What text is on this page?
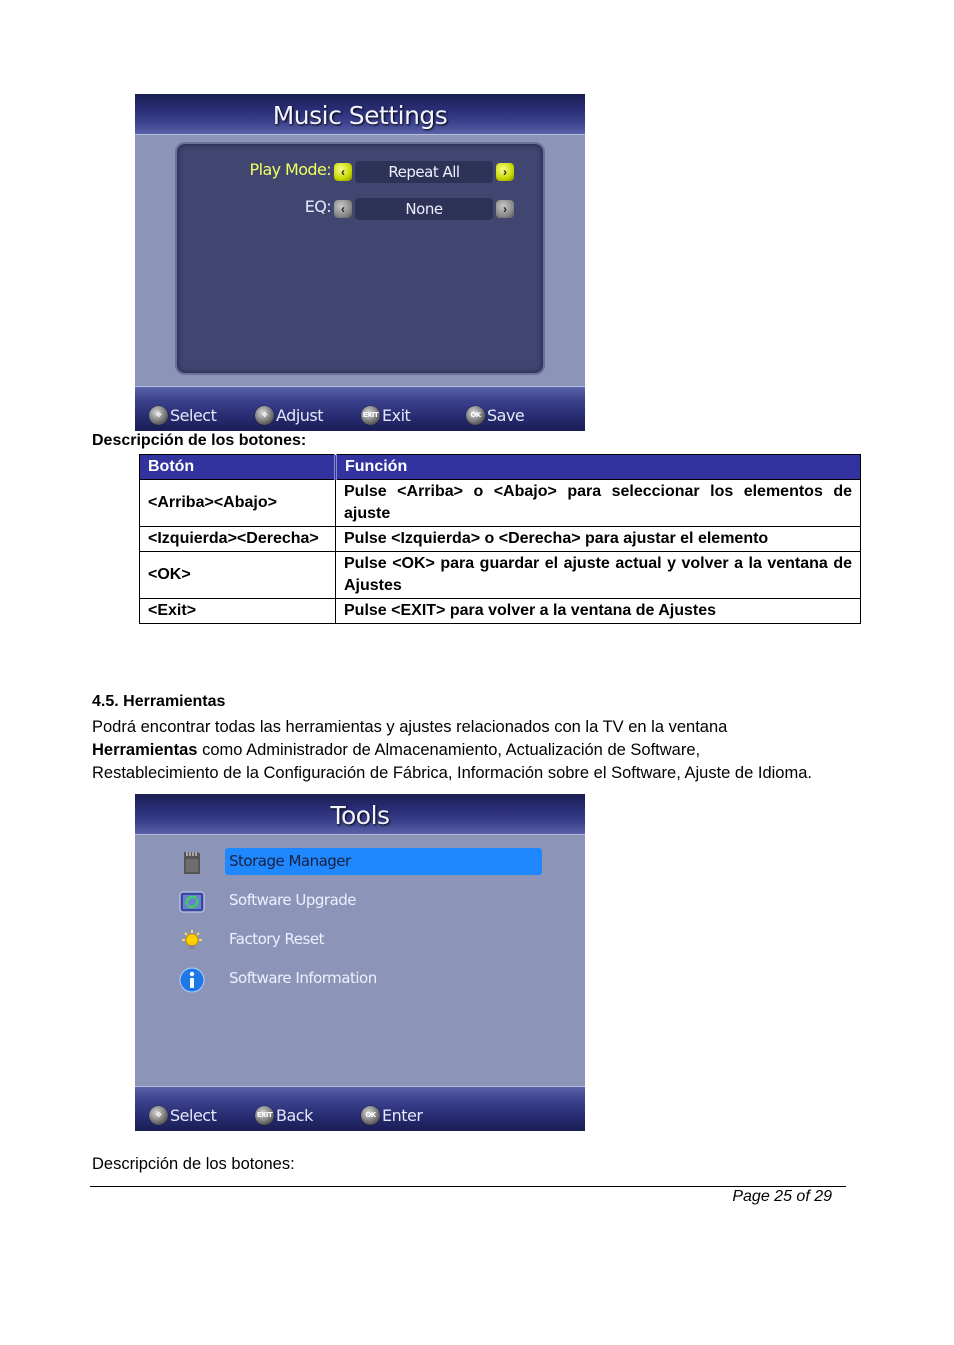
Music Settings
Play Mode: ‹	Repeat All	›
EQ: ‹	None	›
✥ Select	✥ Adjust	EXIT Exit	OK Save
Descripción de los botones:
Botón	Función
<Arriba><Abajo>	Pulse <Arriba> o <Abajo> para seleccionar los elementos de ajuste
<Izquierda><Derecha>	Pulse <Izquierda> o <Derecha> para ajustar el elemento
<OK>	Pulse <OK> para guardar el ajuste actual y volver a la ventana de Ajustes
<Exit>	Pulse <EXIT> para volver a la ventana de Ajustes
4.5. Herramientas
Podrá encontrar todas las herramientas y ajustes relacionados con la TV en la ventana
Herramientas como Administrador de Almacenamiento, Actualización de Software,
Restablecimiento de la Configuración de Fábrica, Información sobre el Software, Ajuste de Idioma.
Tools
Storage Manager
Software Upgrade
Factory Reset
Software Information
✥ Select	EXIT Back	OK Enter
Descripción de los botones:
Page 25 of 29
